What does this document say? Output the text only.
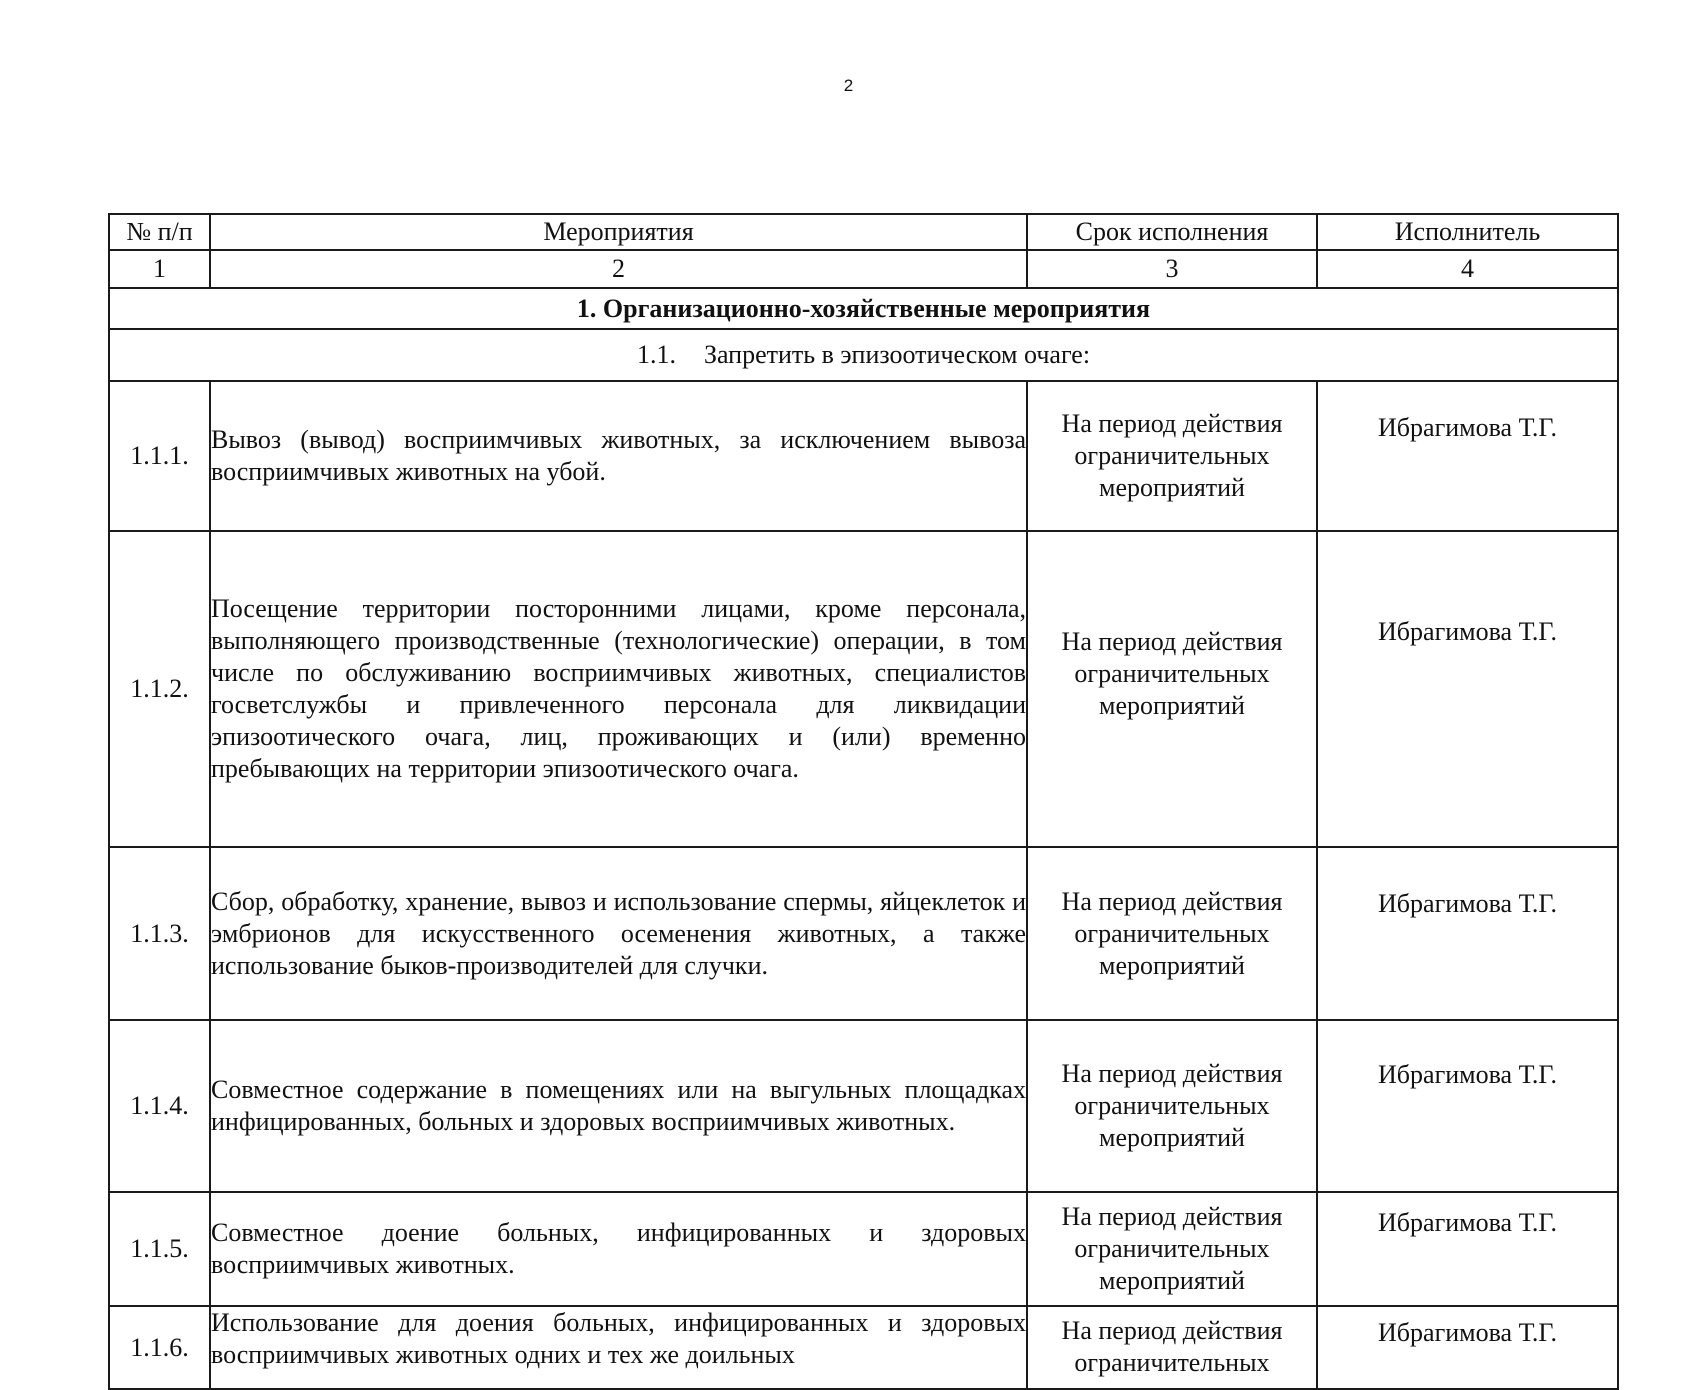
2
№ п/п	Мероприятия	Срок исполнения	Исполнитель
1	2	3	4
1. Организационно-хозяйственные мероприятия			
1.1. Запретить в эпизоотическом очаге:			
1.1.1.	Вывоз (вывод) восприимчивых животных, за исключением вывоза восприимчивых животных на убой.	На период действия ограничительных мероприятий	Ибрагимова Т.Г.
1.1.2.	Посещение территории посторонними лицами, кроме персонала, выполняющего производственные (технологические) операции, в том числе по обслуживанию восприимчивых животных, специалистов госветслужбы и привлеченного персонала для ликвидации эпизоотического очага, лиц, проживающих и (или) временно пребывающих на территории эпизоотического очага.	На период действия ограничительных мероприятий	Ибрагимова Т.Г.
1.1.3.	Сбор, обработку, хранение, вывоз и использование спермы, яйцеклеток и эмбрионов для искусственного осеменения животных, а также использование быков-производителей для случки.	На период действия ограничительных мероприятий	Ибрагимова Т.Г.
1.1.4.	Совместное содержание в помещениях или на выгульных площадках инфицированных, больных и здоровых восприимчивых животных.	На период действия ограничительных мероприятий	Ибрагимова Т.Г.
1.1.5.	Совместное доение больных, инфицированных и здоровых восприимчивых животных.	На период действия ограничительных мероприятий	Ибрагимова Т.Г.
1.1.6.	Использование для доения больных, инфицированных и здоровых восприимчивых животных одних и тех же доильных	На период действия ограничительных	Ибрагимова Т.Г.
